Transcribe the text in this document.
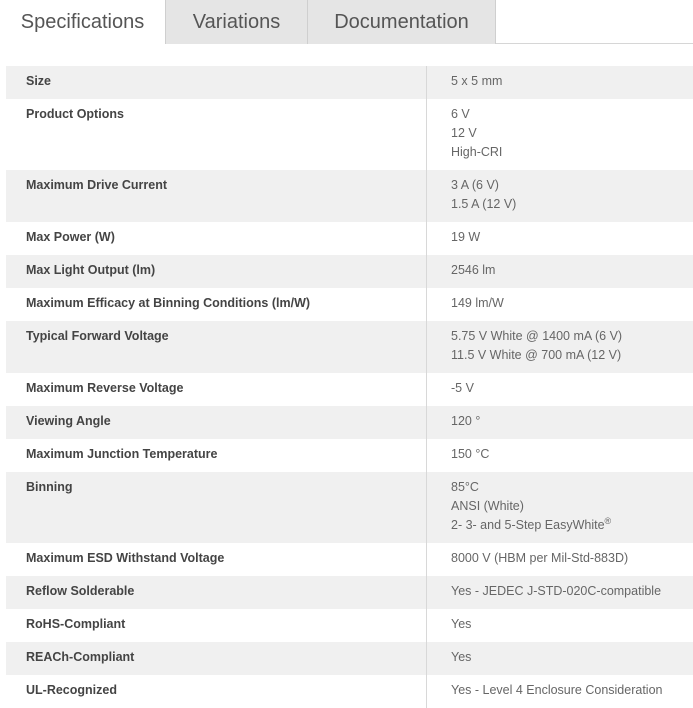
Specifications	Variations	Documentation
Size	5 x 5 mm

Product Options	6 V
12 V
High-CRI

Maximum Drive Current	3 A (6 V)
1.5 A (12 V)

Max Power (W)	19 W

Max Light Output (lm)	2546 lm

Maximum Efficacy at Binning Conditions (lm/W)	149 lm/W

Typical Forward Voltage	5.75 V White @ 1400 mA (6 V)
11.5 V White @ 700 mA (12 V)

Maximum Reverse Voltage	-5 V

Viewing Angle	120 °

Maximum Junction Temperature	150 °C

Binning	85°C
ANSI (White)
2- 3- and 5-Step EasyWhite®

Maximum ESD Withstand Voltage	8000 V (HBM per Mil-Std-883D)

Reflow Solderable	Yes - JEDEC J-STD-020C-compatible

RoHS-Compliant	Yes

REACh-Compliant	Yes

UL-Recognized	Yes - Level 4 Enclosure Consideration
